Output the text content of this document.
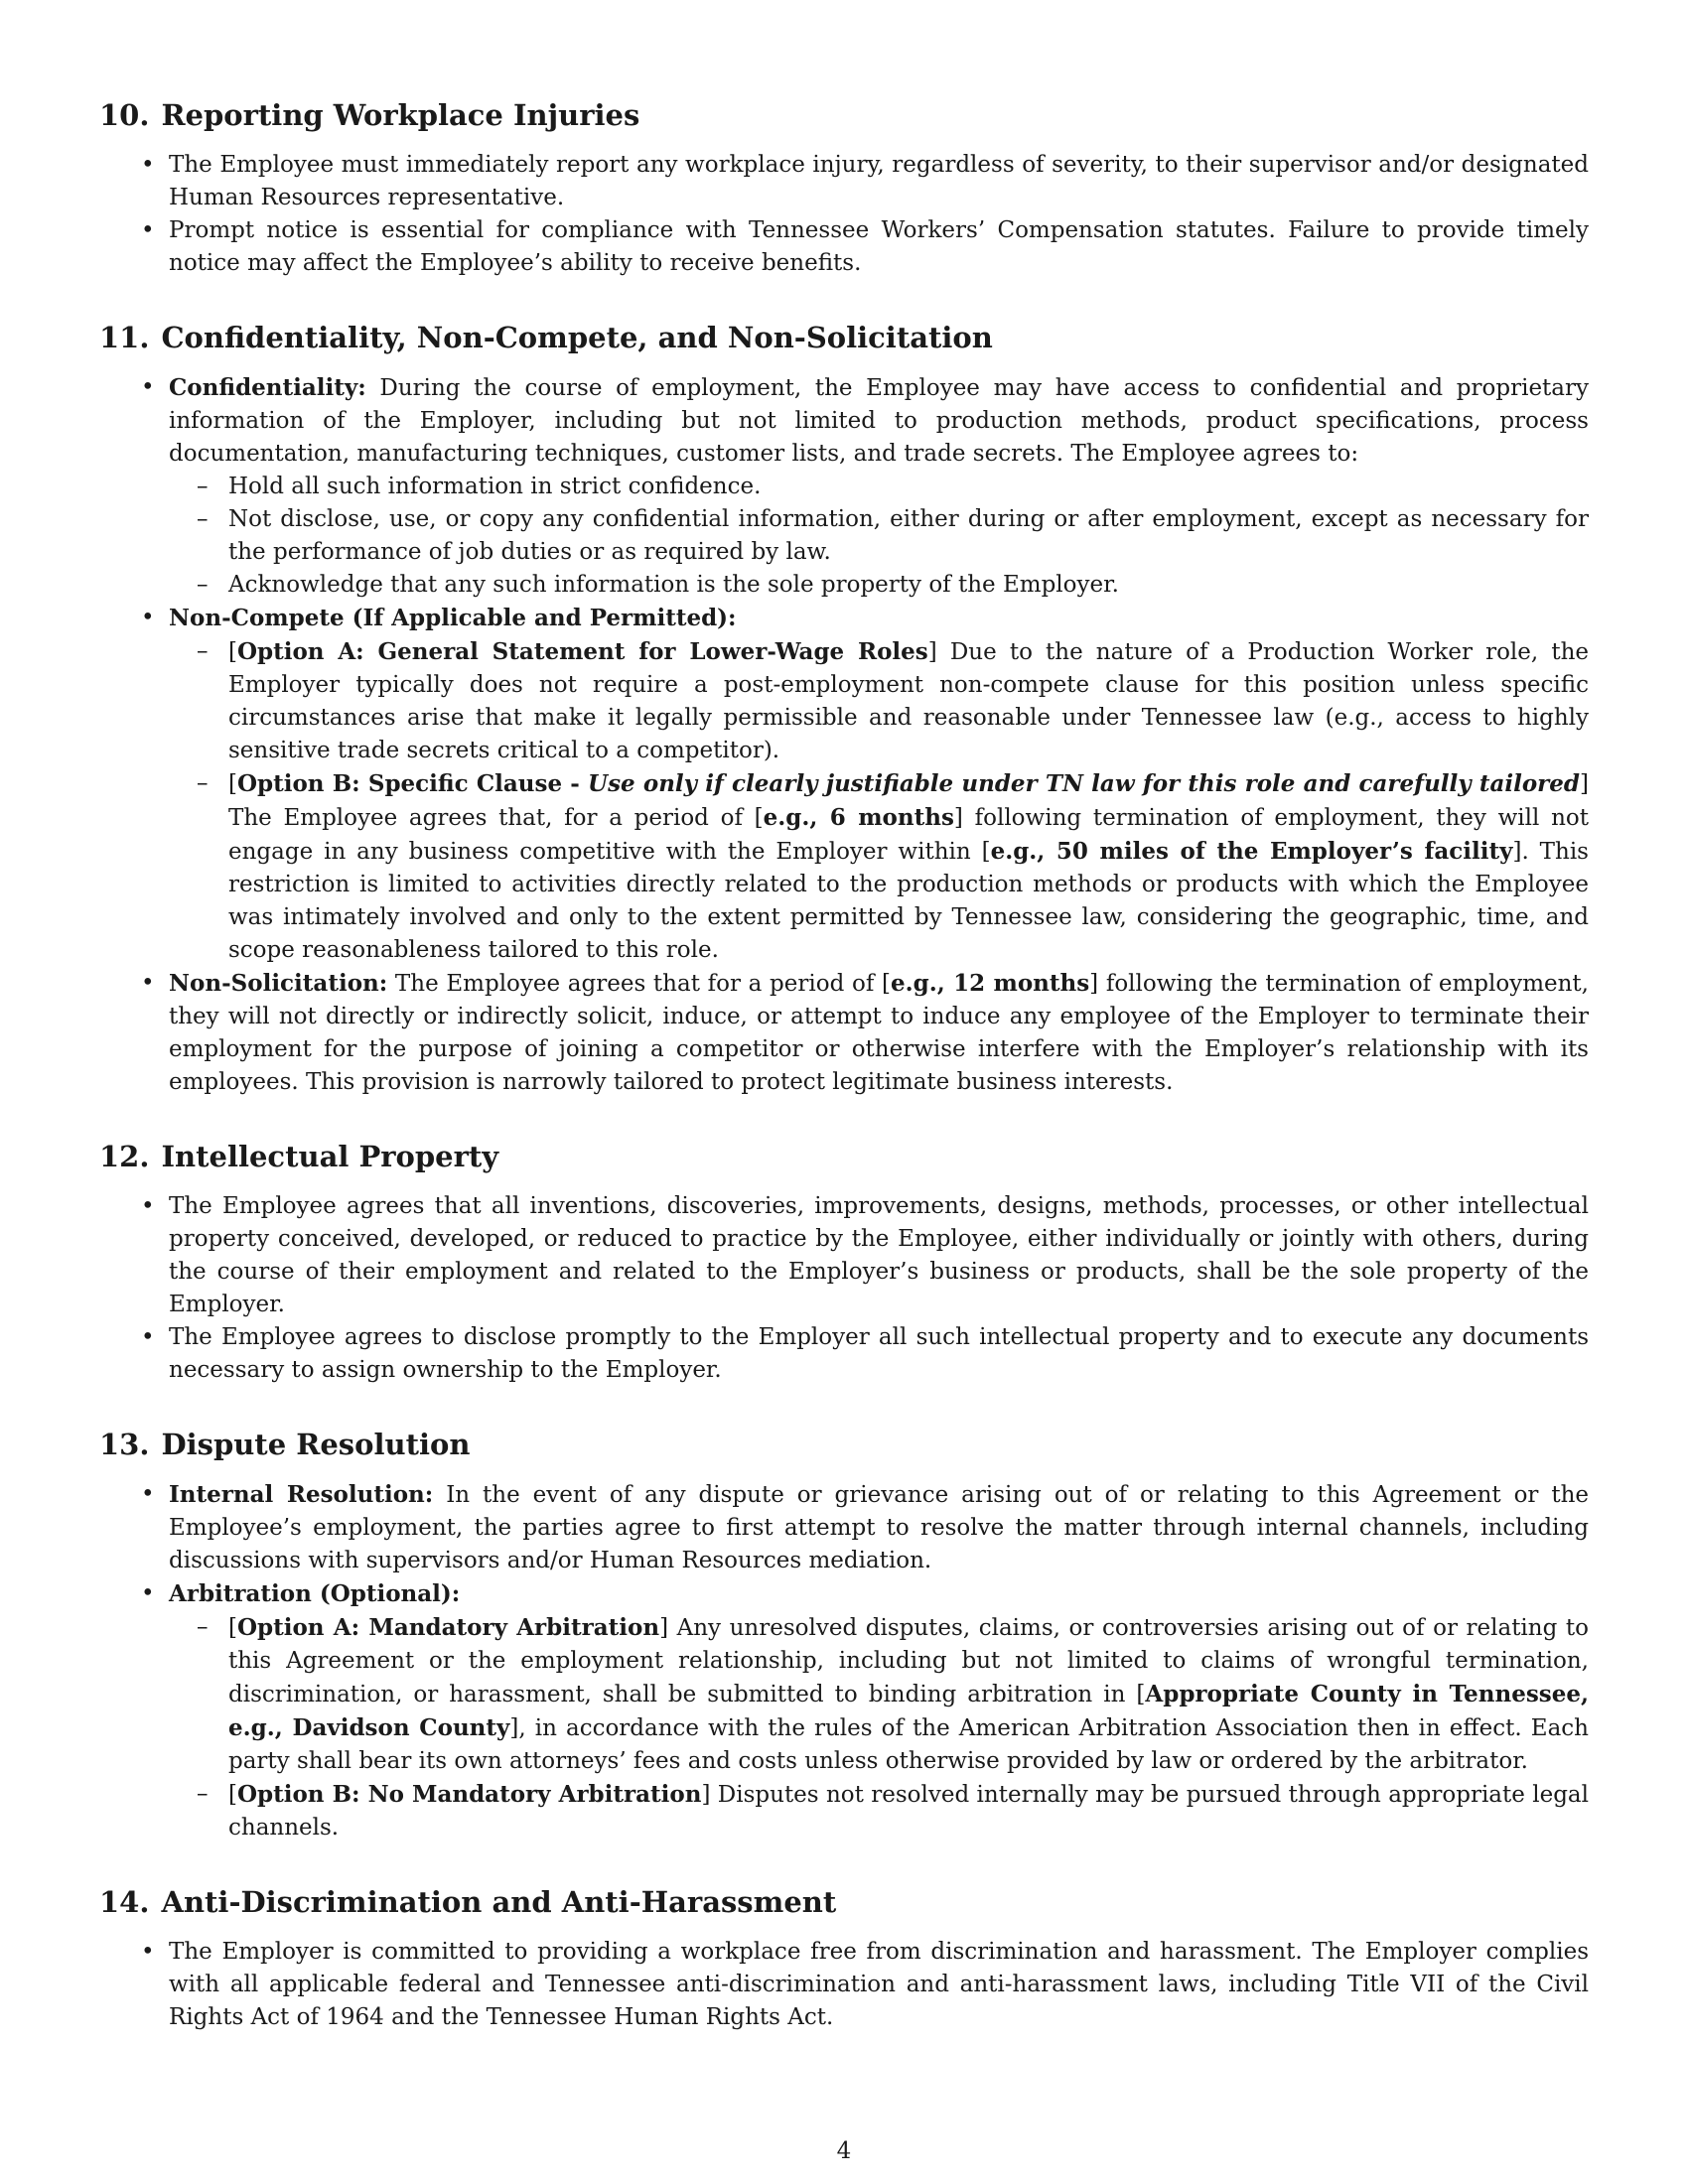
10. Reporting Workplace Injuries
• The Employee must immediately report any workplace injury, regardless of severity, to their supervisor and/or designated Human Resources representative.
• Prompt notice is essential for compliance with Tennessee Workers’ Compensation statutes. Failure to provide timely notice may affect the Employee’s ability to receive benefits.
11. Confidentiality, Non-Compete, and Non-Solicitation
• Confidentiality: During the course of employment, the Employee may have access to confidential and proprietary information of the Employer, including but not limited to production methods, product specifications, process documentation, manufacturing techniques, customer lists, and trade secrets. The Employee agrees to:
– Hold all such information in strict confidence.
– Not disclose, use, or copy any confidential information, either during or after employment, except as necessary for the performance of job duties or as required by law.
– Acknowledge that any such information is the sole property of the Employer.
• Non-Compete (If Applicable and Permitted):
– [Option A: General Statement for Lower-Wage Roles] Due to the nature of a Production Worker role, the Employer typically does not require a post-employment non-compete clause for this position unless specific circumstances arise that make it legally permissible and reasonable under Tennessee law (e.g., access to highly sensitive trade secrets critical to a competitor).
– [Option B: Specific Clause - Use only if clearly justifiable under TN law for this role and carefully tailored] The Employee agrees that, for a period of [e.g., 6 months] following termination of employment, they will not engage in any business competitive with the Employer within [e.g., 50 miles of the Employer’s facility]. This restriction is limited to activities directly related to the production methods or products with which the Employee was intimately involved and only to the extent permitted by Tennessee law, considering the geographic, time, and scope reasonableness tailored to this role.
• Non-Solicitation: The Employee agrees that for a period of [e.g., 12 months] following the termination of employment, they will not directly or indirectly solicit, induce, or attempt to induce any employee of the Employer to terminate their employment for the purpose of joining a competitor or otherwise interfere with the Employer’s relationship with its employees. This provision is narrowly tailored to protect legitimate business interests.
12. Intellectual Property
• The Employee agrees that all inventions, discoveries, improvements, designs, methods, processes, or other intellectual property conceived, developed, or reduced to practice by the Employee, either individually or jointly with others, during the course of their employment and related to the Employer’s business or products, shall be the sole property of the Employer.
• The Employee agrees to disclose promptly to the Employer all such intellectual property and to execute any documents necessary to assign ownership to the Employer.
13. Dispute Resolution
• Internal Resolution: In the event of any dispute or grievance arising out of or relating to this Agreement or the Employee’s employment, the parties agree to first attempt to resolve the matter through internal channels, including discussions with supervisors and/or Human Resources mediation.
• Arbitration (Optional):
– [Option A: Mandatory Arbitration] Any unresolved disputes, claims, or controversies arising out of or relating to this Agreement or the employment relationship, including but not limited to claims of wrongful termination, discrimination, or harassment, shall be submitted to binding arbitration in [Appropriate County in Tennessee, e.g., Davidson County], in accordance with the rules of the American Arbitration Association then in effect. Each party shall bear its own attorneys’ fees and costs unless otherwise provided by law or ordered by the arbitrator.
– [Option B: No Mandatory Arbitration] Disputes not resolved internally may be pursued through appropriate legal channels.
14. Anti-Discrimination and Anti-Harassment
• The Employer is committed to providing a workplace free from discrimination and harassment. The Employer complies with all applicable federal and Tennessee anti-discrimination and anti-harassment laws, including Title VII of the Civil Rights Act of 1964 and the Tennessee Human Rights Act.
4
